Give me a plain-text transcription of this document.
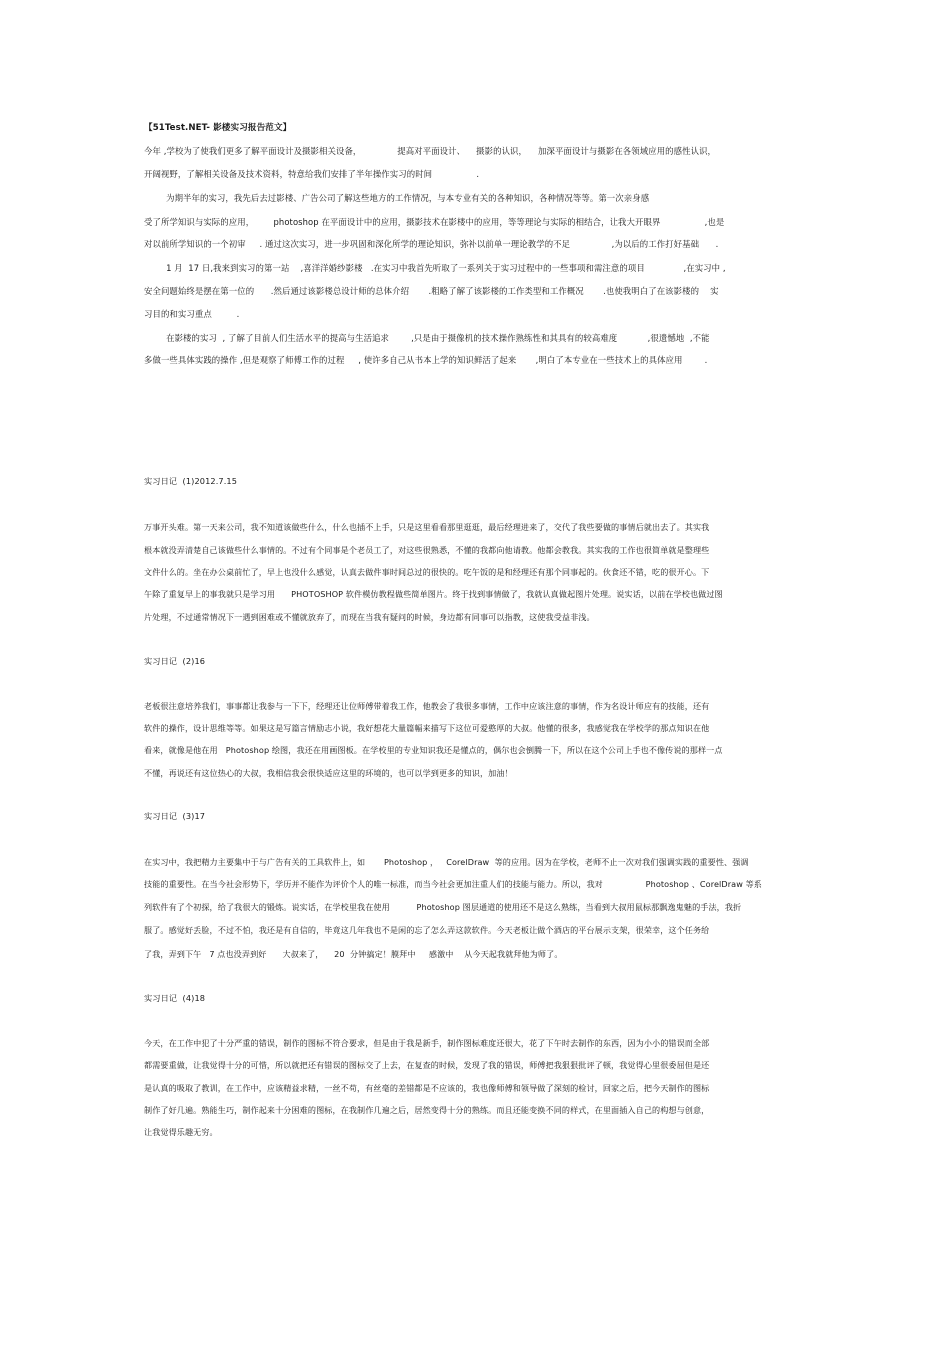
【51Test.NET- 影楼实习报告范文】
今年 ,学校为了使我们更多了解平面设计及摄影相关设备，             提高对平面设计、    摄影的认识，    加深平面设计与摄影在各领域应用的感性认识，
开阔视野，了解相关设备及技术资料，特意给我们安排了半年操作实习的时间                .
为期半年的实习，我先后去过影楼、广告公司了解这些地方的工作情况，与本专业有关的各种知识，各种情况等等。第一次亲身感
受了所学知识与实际的应用，       photoshop 在平面设计中的应用，摄影技术在影楼中的应用，等等理论与实际的相结合，让我大开眼界                ,也是
对以前所学知识的一个初审     . 通过这次实习，进一步巩固和深化所学的理论知识，弥补以前单一理论教学的不足               ,为以后的工作打好基础      .
1 月  17 日,我来到实习的第一站    ,喜洋洋婚纱影楼   .在实习中我首先听取了一系列关于实习过程中的一些事项和需注意的项目              ,在实习中 ,
安全问题始终是摆在第一位的      .然后通过该影楼总设计师的总体介绍       .粗略了解了该影楼的工作类型和工作概况       .也使我明白了在该影楼的    实
习目的和实习重点         .
在影楼的实习  , 了解了目前人们生活水平的提高与生活追求        ,只是由于摄像机的技术操作熟练性和其具有的较高难度           ,很遗憾地  ,不能
多做一些具体实践的操作 ,但是观察了师傅工作的过程     , 使许多自己从书本上学的知识鲜活了起来       ,明白了本专业在一些技术上的具体应用        .
实习日记  (1)2012.7.15
万事开头难。第一天来公司，我不知道该做些什么，什么也插不上手，只是这里看看那里逛逛，最后经理进来了，交代了我些要做的事情后就出去了。其实我
根本就没弄清楚自己该做些什么事情的。不过有个同事是个老员工了，对这些很熟悉，不懂的我都向他请教。他都会教我。其实我的工作也很简单就是整理些
文件什么的。坐在办公桌前忙了，早上也没什么感觉，认真去做件事时间总过的很快的。吃午饭的是和经理还有那个同事起的。伙食还不错，吃的很开心。下
午除了重复早上的事我就只是学习用      PHOTOSHOP 软件模仿教程做些简单图片。终于找到事情做了，我就认真做起图片处理。说实话，以前在学校也做过图
片处理，不过通常情况下一遇到困难或不懂就放弃了，而现在当我有疑问的时候，身边都有同事可以指教，这使我受益非浅。
实习日记  (2)16
老板很注意培养我们，事事都让我参与一下下，经理还让位师傅带着我工作，他教会了我很多事情，工作中应该注意的事情，作为名设计师应有的技能，还有
软件的操作，设计思维等等。如果这是写篇言情励志小说，我好想花大量篇幅来描写下这位可爱憨厚的大叔。他懂的很多，我感觉我在学校学的那点知识在他
看来，就像是他在用   Photoshop 绘图，我还在用画图板。在学校里的专业知识我还是懂点的，偶尔也会倒腾一下，所以在这个公司上手也不像传说的那样一点
不懂，再说还有这位热心的大叔，我相信我会很快适应这里的环境的，也可以学到更多的知识，加油！
实习日记  (3)17
在实习中，我把精力主要集中于与广告有关的工具软件上，如       Photoshop ，   CorelDraw  等的应用。因为在学校，老师不止一次对我们强调实践的重要性、强调
技能的重要性。在当今社会形势下，学历并不能作为评价个人的唯一标准，而当今社会更加注重人们的技能与能力。所以，我对                Photoshop 、CorelDraw 等系
列软件有了个初探，给了我很大的锻炼。说实话，在学校里我在使用          Photoshop 图层通道的使用还不是这么熟练，当看到大叔用鼠标那飘逸鬼魅的手法，我折
服了。感觉好丢脸，不过不怕，我还是有自信的，毕竟这几年我也不是闲的忘了怎么弄这款软件。今天老板让做个酒店的平台展示支架，很荣幸，这个任务给
了我，弄到下午   7 点也没弄到好      大叔来了，    20  分钟搞定！膜拜中     感激中    从今天起我就拜他为师了。
实习日记  (4)18
今天，在工作中犯了十分严重的错误，制作的图标不符合要求，但是由于我是新手，制作图标难度还很大，花了下午时去制作的东西，因为小小的错误而全部
都需要重做，让我觉得十分的可惜，所以就把还有错误的图标交了上去，在复查的时候，发现了我的错误，师傅把我狠狠批评了顿，我觉得心里很委屈但是还
是认真的吸取了教训，在工作中，应该精益求精，一丝不苟，有丝毫的差错都是不应该的，我也像师傅和领导做了深刻的检讨，回家之后，把今天制作的图标
制作了好几遍。熟能生巧，制作起来十分困难的图标，在我制作几遍之后，居然变得十分的熟练。而且还能变换不同的样式，在里面插入自己的构想与创意，
让我觉得乐趣无穷。
